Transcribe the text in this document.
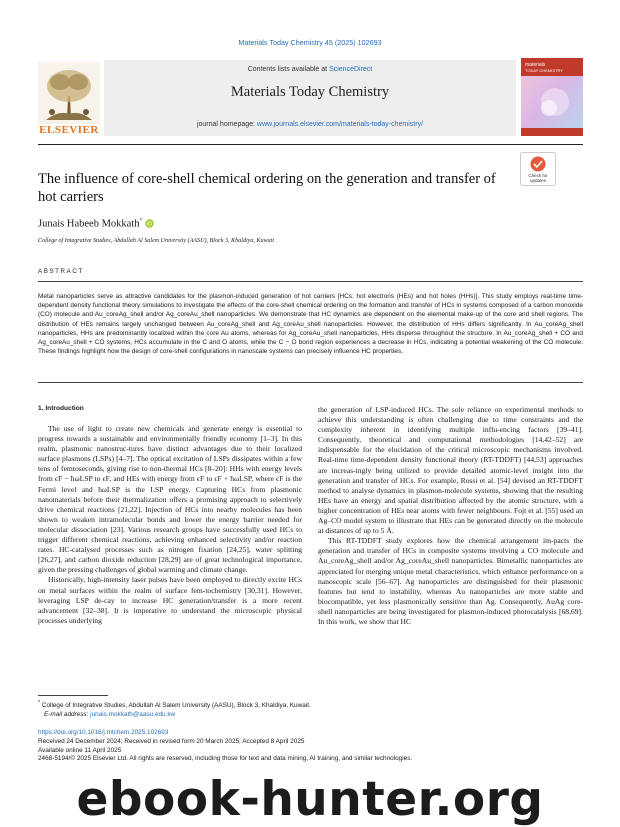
Materials Today Chemistry 45 (2025) 102693
ELSEVIER
Contents lists available at ScienceDirect
Materials Today Chemistry
journal homepage: www.journals.elsevier.com/materials-today-chemistry/
materials
TODAY CHEMISTRY
The influence of core-shell chemical ordering on the generation and transfer of hot carriers
Check for
updates
Junais Habeeb Mokkath*
iD
College of Integrative Studies, Abdullah Al Salem University (AASU), Block 3, Khaldiya, Kuwait
ABSTRACT
Metal nanoparticles serve as attractive candidates for the plasmon-induced generation of hot carriers [HCs: hot electrons (HEs) and hot holes (HHs)]. This study employs real-time time-dependent density functional theory simulations to investigate the effects of the core-shell chemical ordering on the formation and transfer of HCs in systems composed of a carbon monoxide (CO) molecule and Au_coreAg_shell and/or Ag_coreAu_shell nanoparticles. We demonstrate that HC dynamics are dependent on the elemental make-up of the core and shell regions. The distribution of HEs remains largely unchanged between Au_coreAg_shell and Ag_coreAu_shell nanoparticles. However, the distribution of HHs differs significantly. In Au_coreAg_shell nanoparticles, HHs are predominantly localized within the core Au atoms, whereas for Ag_coreAu_shell nanoparticles, HHs disperse throughout the structure. In Au_coreAg_shell + CO and Ag_coreAu_shell + CO systems, HCs accumulate in the C and O atoms, while the C − O bond region experiences a decrease in HCs, indicating a potential weakening of the CO molecule. These findings highlight how the design of core-shell configurations in nanoscale systems can precisely influence HC properties.
1. Introduction

The use of light to create new chemicals and generate energy is essential to progress towards a sustainable and environmentally friendly economy [1–3]. In this realm, plasmonic nanostruc-tures have distinct advantages due to their localized surface plasmons (LSPs) [4–7]. The optical excitation of LSPs dissipates within a few tens of femtoseconds, giving rise to non-thermal HCs [8–20]: HHs with energy levels from ϵF − ħωLSP to ϵF, and HEs with energy from ϵF to ϵF + ħωLSP, where ϵF is the Fermi level and ħωLSP is the LSP energy. Capturing HCs from plasmonic nanomaterials before their thermalization offers a promising approach to selectively drive chemical reactions [21,22]. Injection of HCs into nearby molecules has been shown to weaken intramolecular bonds and lower the energy barrier needed for molecular dissociation [23]. Various research groups have successfully used HCs to trigger different chemical reactions, achieving enhanced selectivity and/or reaction rates. HC-catalysed processes such as nitrogen fixation [24,25], water splitting [26,27], and carbon dioxide reduction [28,29] are of great technological importance, given the pressing challenges of global warming and climate change.

Historically, high-intensity laser pulses have been employed to directly excite HCs on metal surfaces within the realm of surface fem-tochemistry [30,31]. However, leveraging LSP de-cay to increase HC generation/transfer is a more recent advancement [32–38]. It is imperative to understand the microscopic physical processes underlying

the generation of LSP-induced HCs. The sole reliance on experimental methods to achieve this understanding is often challenging due to time constraints and the complexity inherent in identifying multiple influ-encing factors [39–41]. Consequently, theoretical and computational methodologies [14,42–52] are indispensable for the elucidation of the critical microscopic mechanisms involved. Real-time time-dependent density functional theory (RT-TDDFT) [44,53] approaches are increas-ingly being utilized to provide detailed atomic-level insight into the generation and transfer of HCs. For example, Rossi et al. [54] devised an RT-TDDFT method to analyse dynamics in plasmon-molecule systems, showing that the resulting HEs have an energy and spatial distribution affected by the atomic structure, with a higher concentration of HEs near atoms with fewer neighbours. Fojt et al. [55] used an Ag–CO model system to illustrate that HEs can be generated directly on the molecule at distances of up to 5 Å.

This RT-TDDFT study explores how the chemical arrangement im-pacts the generation and transfer of HCs in composite systems involving a CO molecule and Au_coreAg_shell and/or Ag_coreAu_shell nanoparticles. Bimetallic nanoparticles are appreciated for merging unique metal characteristics, which enhance performance on a nanoscopic scale [56–67]. Ag nanoparticles are distinguished for their plasmonic features but tend to instability, whereas Au nanoparticles are more stable and biocompatible, yet less plasmonically sensitive than Ag. Consequently, AuAg core-shell nanoparticles are being investigated for plasmon-induced photocatalysis [68,69]. In this work, we show that HC

* College of Integrative Studies, Abdullah Al Salem University (AASU), Block 3, Khaldiya, Kuwait.
E-mail address: junais.mokkath@aasu.edu.kw
https://doi.org/10.1016/j.mtchem.2025.102693
Received 24 December 2024; Received in revised form 20 March 2025; Accepted 8 April 2025
Available online 11 April 2025
2468-5194/© 2025 Elsevier Ltd. All rights are reserved, including those for text and data mining, AI training, and similar technologies.
ebook-hunter.org
